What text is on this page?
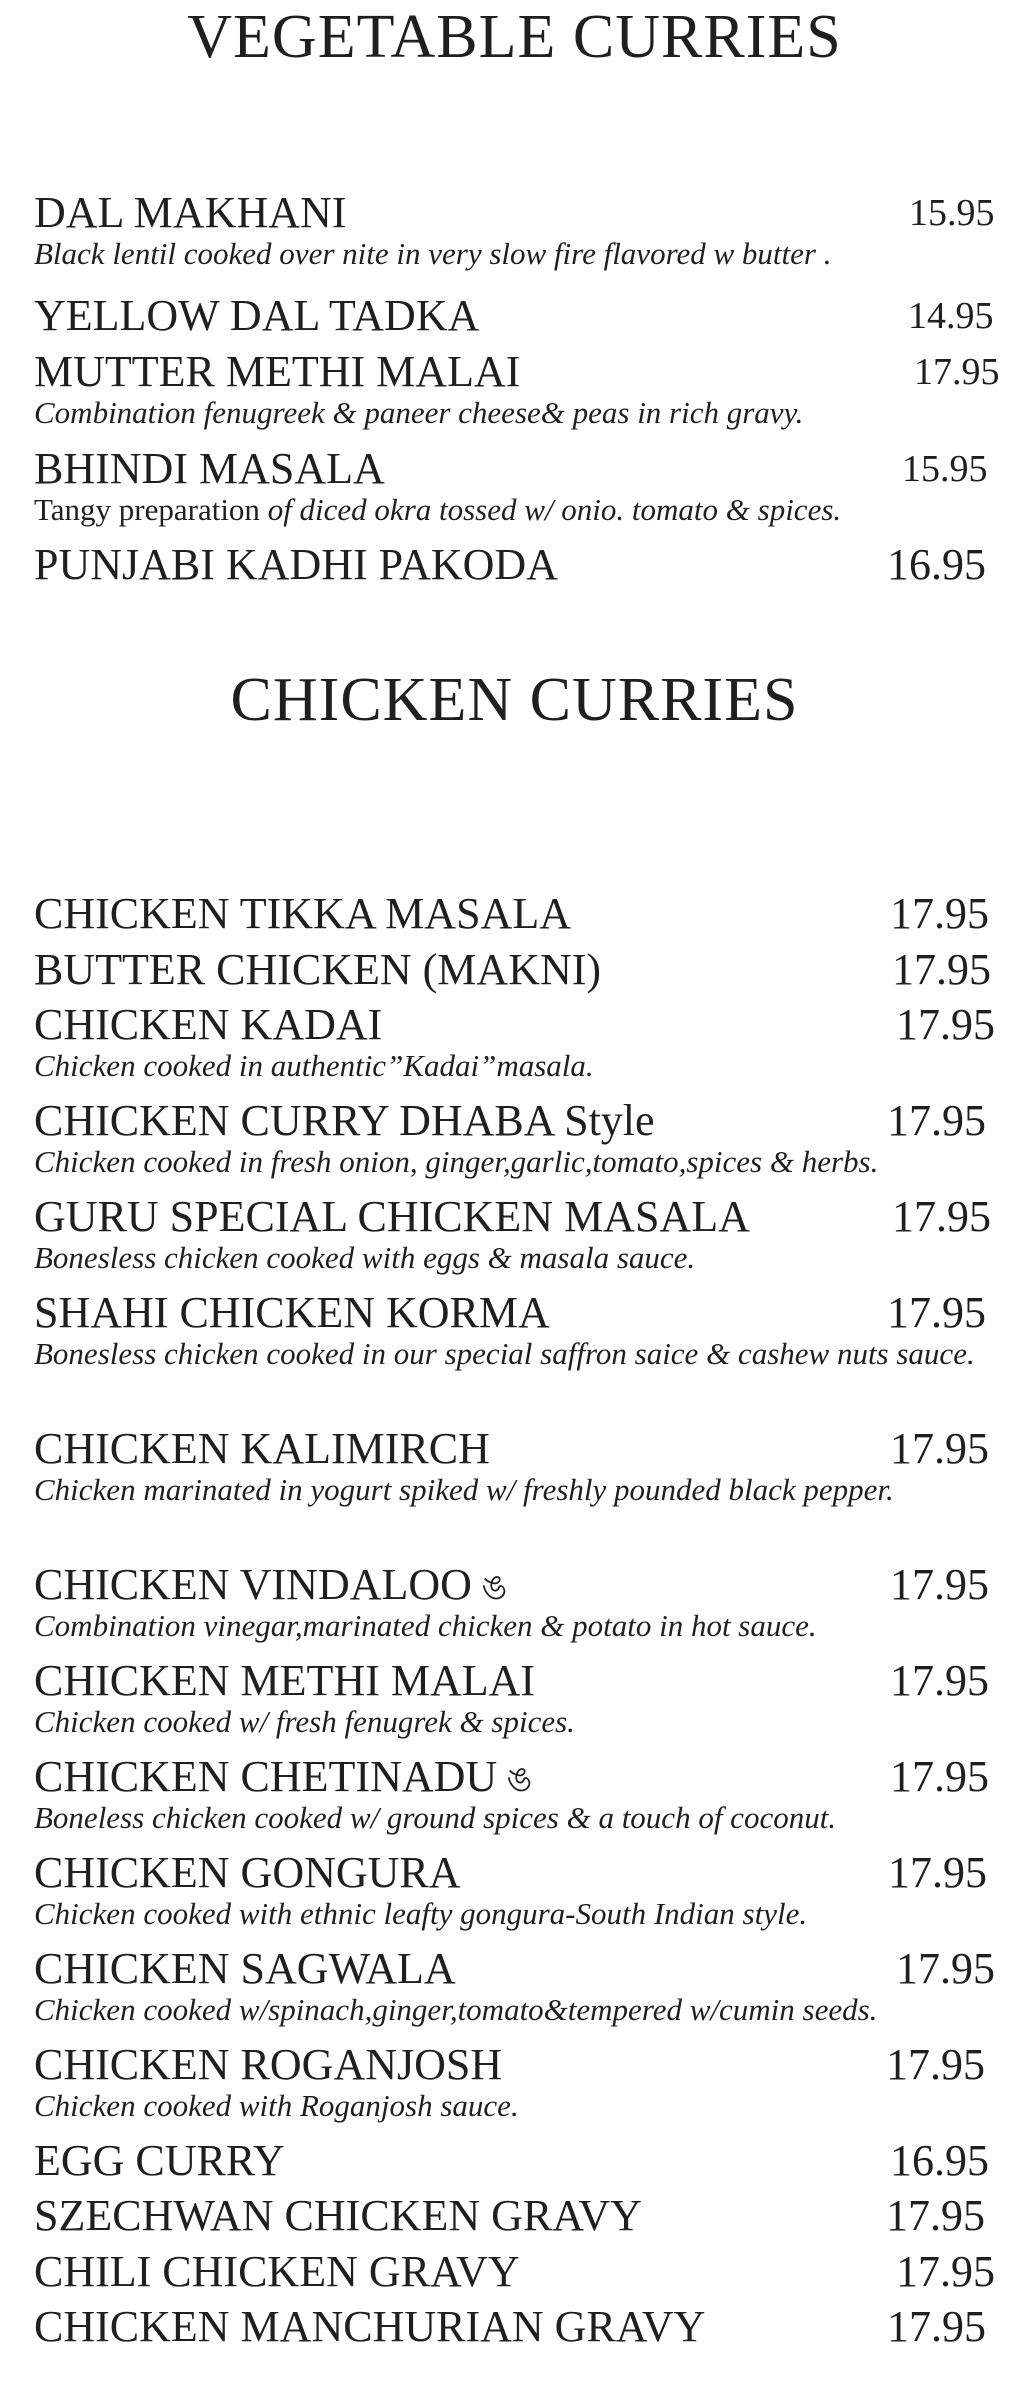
VEGETABLE CURRIES
DAL MAKHANI	15.95
Black lentil cooked over nite in very slow fire flavored w butter .
YELLOW DAL TADKA	14.95
MUTTER METHI MALAI	17.95
Combination fenugreek & paneer cheese& peas in rich gravy.
BHINDI MASALA	15.95
Tangy preparation of diced okra tossed w/ onio. tomato & spices.
PUNJABI KADHI PAKODA	16.95
CHICKEN CURRIES
CHICKEN TIKKA MASALA	17.95
BUTTER CHICKEN (MAKNI)	17.95
CHICKEN KADAI	17.95
Chicken cooked in authentic”Kadai”masala.
CHICKEN CURRY DHABA Style	17.95
Chicken cooked in fresh onion, ginger,garlic,tomato,spices & herbs.
GURU SPECIAL CHICKEN MASALA	17.95
Bonesless chicken cooked with eggs & masala sauce.
SHAHI CHICKEN KORMA	17.95
Bonesless chicken cooked in our special saffron saice & cashew nuts sauce.
CHICKEN KALIMIRCH	17.95
Chicken marinated in yogurt spiked w/ freshly pounded black pepper.
CHICKEN VINDALOO ঙ	17.95
Combination vinegar,marinated chicken & potato in hot sauce.
CHICKEN METHI MALAI	17.95
Chicken cooked w/ fresh fenugrek & spices.
CHICKEN CHETINADU ঙ	17.95
Boneless chicken cooked w/ ground spices & a touch of coconut.
CHICKEN GONGURA	17.95
Chicken cooked with ethnic leafty gongura-South Indian style.
CHICKEN SAGWALA	17.95
Chicken cooked w/spinach,ginger,tomato&tempered w/cumin seeds.
CHICKEN ROGANJOSH	17.95
Chicken cooked with Roganjosh sauce.
EGG CURRY	16.95
SZECHWAN CHICKEN GRAVY	17.95
CHILI CHICKEN GRAVY	17.95
CHICKEN MANCHURIAN GRAVY	17.95
